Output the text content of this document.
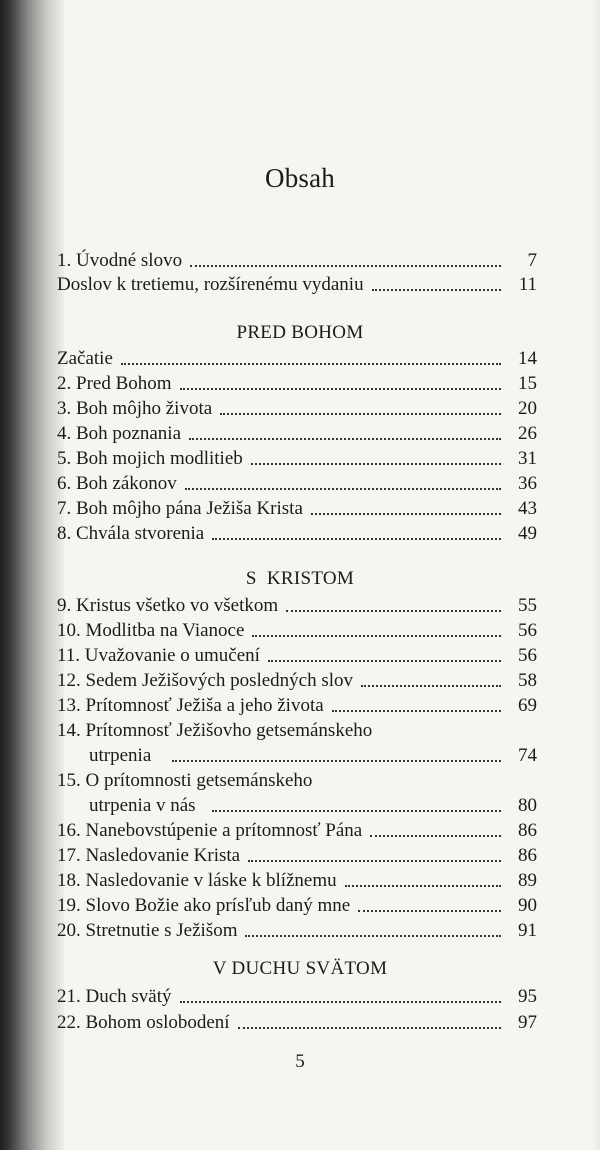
Obsah
1. Úvodné slovo	7
Doslov k tretiemu, rozšírenému vydaniu	11
PRED BOHOM
Začatie	14
2. Pred Bohom	15
3. Boh môjho života	20
4. Boh poznania	26
5. Boh mojich modlitieb	31
6. Boh zákonov	36
7. Boh môjho pána Ježiša Krista	43
8. Chvála stvorenia	49
S  KRISTOM
9. Kristus všetko vo všetkom	55
10. Modlitba na Vianoce	56
11. Uvažovanie o umučení	56
12. Sedem Ježišových posledných slov	58
13. Prítomnosť Ježiša a jeho života	69
14. Prítomnosť Ježišovho getsemánskeho
utrpenia	74
15. O prítomnosti getsemánskeho
utrpenia v nás	80
16. Nanebovstúpenie a prítomnosť Pána	86
17. Nasledovanie Krista	86
18. Nasledovanie v láske k blížnemu	89
19. Slovo Božie ako prísľub daný mne	90
20. Stretnutie s Ježišom	91
V DUCHU SVÄTOM
21. Duch svätý	95
22. Bohom oslobodení	97
5
